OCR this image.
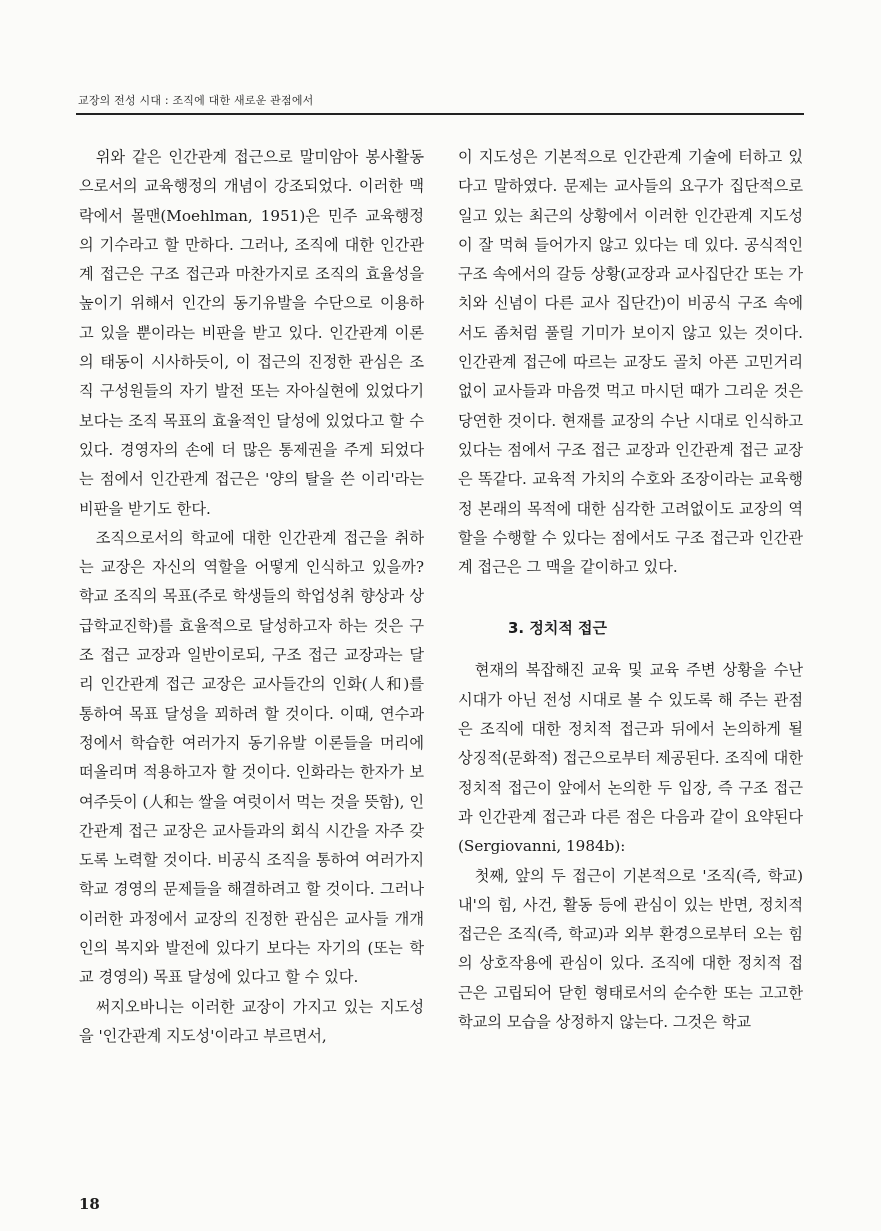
교장의 전성 시대 : 조직에 대한 새로운 관점에서

위와 같은 인간관계 접근으로 말미암아 봉사활동으로서의 교육행정의 개념이 강조되었다. 이러한 맥락에서 몰맨(Moehlman, 1951)은 민주 교육행정의 기수라고 할 만하다. 그러나, 조직에 대한 인간관계 접근은 구조 접근과 마찬가지로 조직의 효율성을 높이기 위해서 인간의 동기유발을 수단으로 이용하고 있을 뿐이라는 비판을 받고 있다. 인간관계 이론의 태동이 시사하듯이, 이 접근의 진정한 관심은 조직 구성원들의 자기 발전 또는 자아실현에 있었다기보다는 조직 목표의 효율적인 달성에 있었다고 할 수 있다. 경영자의 손에 더 많은 통제권을 주게 되었다는 점에서 인간관계 접근은 '양의 탈을 쓴 이리'라는 비판을 받기도 한다.

조직으로서의 학교에 대한 인간관계 접근을 취하는 교장은 자신의 역할을 어떻게 인식하고 있을까? 학교 조직의 목표(주로 학생들의 학업성취 향상과 상급학교진학)를 효율적으로 달성하고자 하는 것은 구조 접근 교장과 일반이로되, 구조 접근 교장과는 달리 인간관계 접근 교장은 교사들간의 인화(人和)를 통하여 목표 달성을 꾀하려 할 것이다. 이때, 연수과정에서 학습한 여러가지 동기유발 이론들을 머리에 떠올리며 적용하고자 할 것이다. 인화라는 한자가 보여주듯이 (人和는 쌀을 여럿이서 먹는 것을 뜻함), 인간관계 접근 교장은 교사들과의 회식 시간을 자주 갖도록 노력할 것이다. 비공식 조직을 통하여 여러가지 학교 경영의 문제들을 해결하려고 할 것이다. 그러나 이러한 과정에서 교장의 진정한 관심은 교사들 개개인의 복지와 발전에 있다기 보다는 자기의 (또는 학교 경영의) 목표 달성에 있다고 할 수 있다.

써지오바니는 이러한 교장이 가지고 있는 지도성을 '인간관계 지도성'이라고 부르면서,

이 지도성은 기본적으로 인간관계 기술에 터하고 있다고 말하였다. 문제는 교사들의 요구가 집단적으로 일고 있는 최근의 상황에서 이러한 인간관계 지도성이 잘 먹혀 들어가지 않고 있다는 데 있다. 공식적인 구조 속에서의 갈등 상황(교장과 교사집단간 또는 가치와 신념이 다른 교사 집단간)이 비공식 구조 속에서도 좀처럼 풀릴 기미가 보이지 않고 있는 것이다. 인간관계 접근에 따르는 교장도 골치 아픈 고민거리 없이 교사들과 마음껏 먹고 마시던 때가 그리운 것은 당연한 것이다. 현재를 교장의 수난 시대로 인식하고 있다는 점에서 구조 접근 교장과 인간관계 접근 교장은 똑같다. 교육적 가치의 수호와 조장이라는 교육행정 본래의 목적에 대한 심각한 고려없이도 교장의 역할을 수행할 수 있다는 점에서도 구조 접근과 인간관계 접근은 그 맥을 같이하고 있다.

3. 정치적 접근

현재의 복잡해진 교육 및 교육 주변 상황을 수난 시대가 아닌 전성 시대로 볼 수 있도록 해 주는 관점은 조직에 대한 정치적 접근과 뒤에서 논의하게 될 상징적(문화적) 접근으로부터 제공된다. 조직에 대한 정치적 접근이 앞에서 논의한 두 입장, 즉 구조 접근과 인간관계 접근과 다른 점은 다음과 같이 요약된다(Sergiovanni, 1984b):

첫째, 앞의 두 접근이 기본적으로 '조직(즉, 학교)내'의 힘, 사건, 활동 등에 관심이 있는 반면, 정치적 접근은 조직(즉, 학교)과 외부 환경으로부터 오는 힘의 상호작용에 관심이 있다. 조직에 대한 정치적 접근은 고립되어 닫힌 형태로서의 순수한 또는 고고한 학교의 모습을 상정하지 않는다. 그것은 학교

18
